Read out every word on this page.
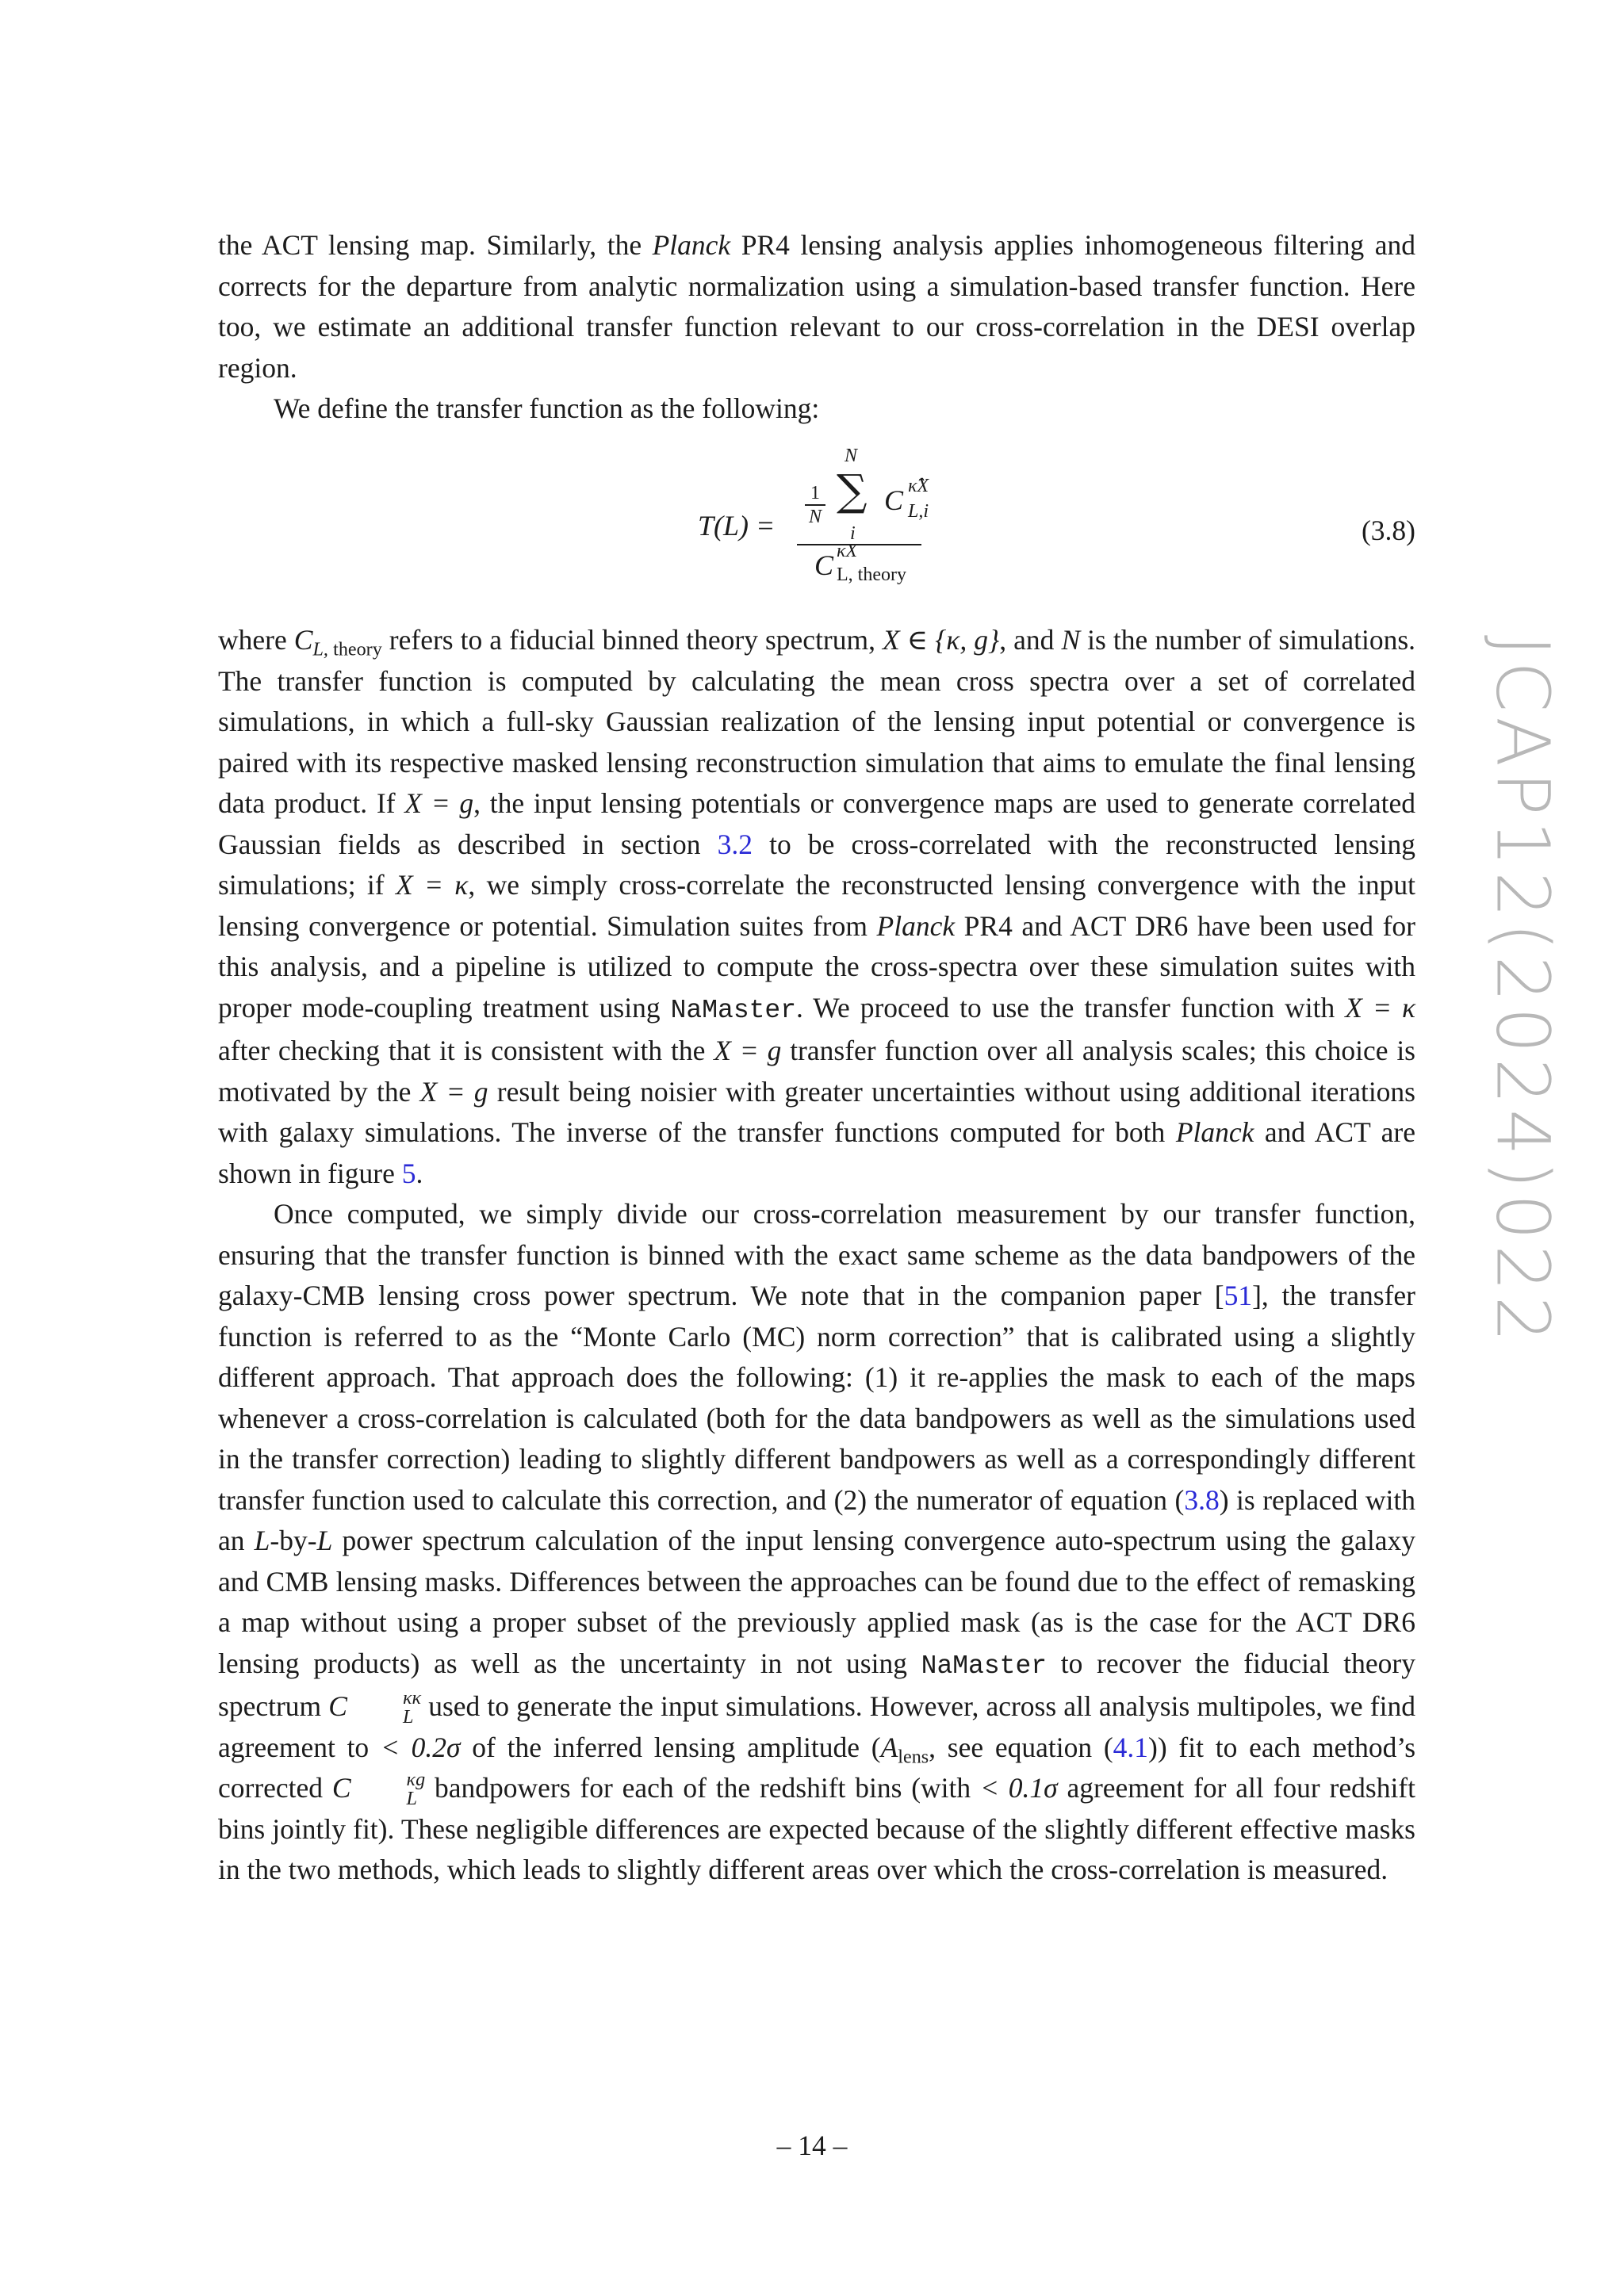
the ACT lensing map. Similarly, the Planck PR4 lensing analysis applies inhomogeneous filtering and corrects for the departure from analytic normalization using a simulation-based transfer function. Here too, we estimate an additional transfer function relevant to our cross-correlation in the DESI overlap region.

We define the transfer function as the following:

T(L) =
1
N
N
∑
i
C κ̂X
L,i
C κX
L, theory
(3.8)

where $C_{L, theory}$ refers to a fiducial binned theory spectrum, X ∈ {κ, g}, and N is the number of simulations. The transfer function is computed by calculating the mean cross spectra over a set of correlated simulations, in which a full-sky Gaussian realization of the lensing input potential or convergence is paired with its respective masked lensing reconstruction simulation that aims to emulate the final lensing data product. If X = g, the input lensing potentials or convergence maps are used to generate correlated Gaussian fields as described in section 3.2 to be cross-correlated with the reconstructed lensing simulations; if X = κ, we simply cross-correlate the reconstructed lensing convergence with the input lensing convergence or potential. Simulation suites from Planck PR4 and ACT DR6 have been used for this analysis, and a pipeline is utilized to compute the cross-spectra over these simulation suites with proper mode-coupling treatment using NaMaster. We proceed to use the transfer function with X = κ after checking that it is consistent with the X = g transfer function over all analysis scales; this choice is motivated by the X = g result being noisier with greater uncertainties without using additional iterations with galaxy simulations. The inverse of the transfer functions computed for both Planck and ACT are shown in figure 5.

Once computed, we simply divide our cross-correlation measurement by our transfer function, ensuring that the transfer function is binned with the exact same scheme as the data bandpowers of the galaxy-CMB lensing cross power spectrum. We note that in the companion paper [51], the transfer function is referred to as the “Monte Carlo (MC) norm correction” that is calibrated using a slightly different approach. That approach does the following: (1) it re-applies the mask to each of the maps whenever a cross-correlation is calculated (both for the data bandpowers as well as the simulations used in the transfer correction) leading to slightly different bandpowers as well as a correspondingly different transfer function used to calculate this correction, and (2) the numerator of equation (3.8) is replaced with an L-by-L power spectrum calculation of the input lensing convergence auto-spectrum using the galaxy and CMB lensing masks. Differences between the approaches can be found due to the effect of remasking a map without using a proper subset of the previously applied mask (as is the case for the ACT DR6 lensing products) as well as the uncertainty in not using NaMaster to recover the fiducial theory spectrum C	κκ
L used to generate the input simulations. However, across all analysis multipoles, we find agreement to < 0.2σ of the inferred lensing amplitude ($A_{lens}$, see equation (4.1)) fit to each method’s corrected C	κg
L bandpowers for each of the redshift bins (with < 0.1σ agreement for all four redshift bins jointly fit). These negligible differences are expected because of the slightly different effective masks in the two methods, which leads to slightly different areas over which the cross-correlation is measured.

JCAP12(2024)022
– 14 –
